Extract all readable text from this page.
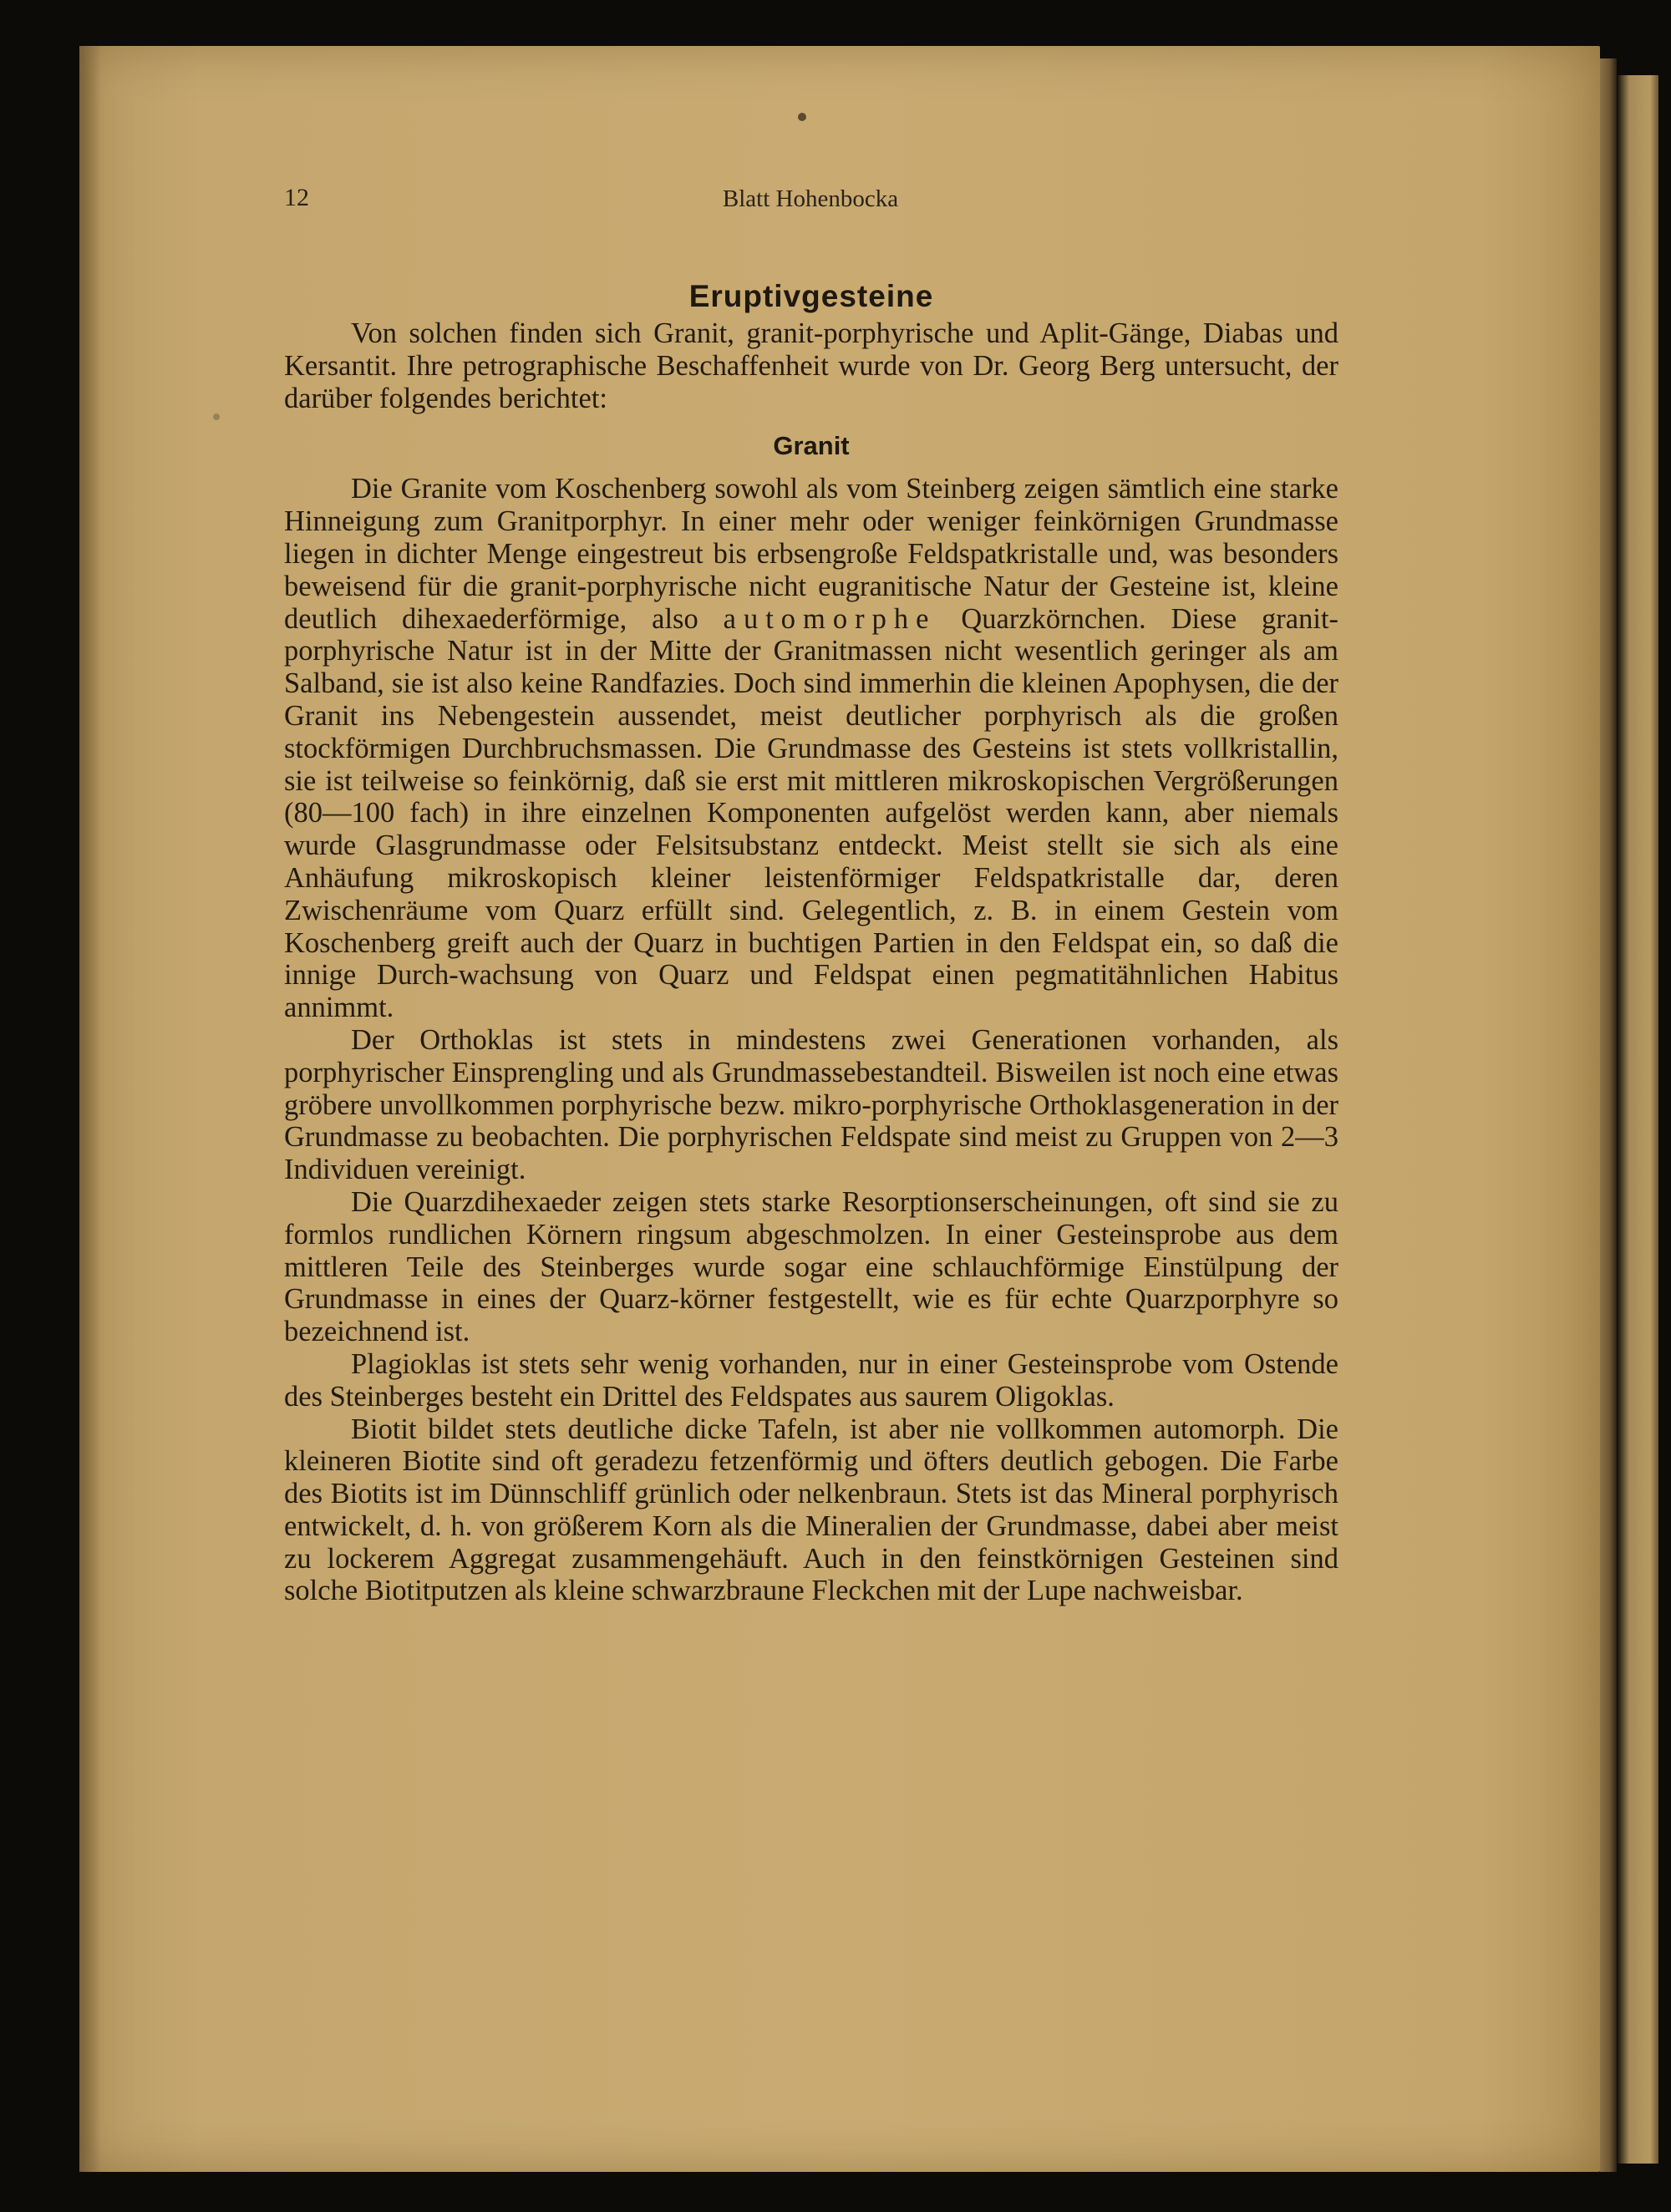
12	Blatt Hohenbocka
Eruptivgesteine

Von solchen finden sich Granit, granit-porphyrische und Aplit-Gänge, Diabas und Kersantit. Ihre petrographische Beschaffenheit wurde von Dr. Georg Berg untersucht, der darüber folgendes berichtet:

Granit

Die Granite vom Koschenberg sowohl als vom Steinberg zeigen sämtlich eine starke Hinneigung zum Granitporphyr. In einer mehr oder weniger feinkörnigen Grundmasse liegen in dichter Menge eingestreut bis erbsengroße Feldspatkristalle und, was besonders beweisend für die granit-porphyrische nicht eugranitische Natur der Gesteine ist, kleine deutlich dihexaederförmige, also automorphe Quarzkörnchen. Diese granit-porphyrische Natur ist in der Mitte der Granitmassen nicht wesentlich geringer als am Salband, sie ist also keine Randfazies. Doch sind immerhin die kleinen Apophysen, die der Granit ins Nebengestein aussendet, meist deutlicher porphyrisch als die großen stockförmigen Durchbruchsmassen. Die Grundmasse des Gesteins ist stets vollkristallin, sie ist teilweise so feinkörnig, daß sie erst mit mittleren mikroskopischen Vergrößerungen (80—100 fach) in ihre einzelnen Komponenten aufgelöst werden kann, aber niemals wurde Glasgrundmasse oder Felsitsubstanz entdeckt. Meist stellt sie sich als eine Anhäufung mikroskopisch kleiner leistenförmiger Feldspatkristalle dar, deren Zwischenräume vom Quarz erfüllt sind. Gelegentlich, z. B. in einem Gestein vom Koschenberg greift auch der Quarz in buchtigen Partien in den Feldspat ein, so daß die innige Durch-wachsung von Quarz und Feldspat einen pegmatitähnlichen Habitus annimmt.

Der Orthoklas ist stets in mindestens zwei Generationen vorhanden, als porphyrischer Einsprengling und als Grundmassebestandteil. Bisweilen ist noch eine etwas gröbere unvollkommen porphyrische bezw. mikro-porphyrische Orthoklasgeneration in der Grundmasse zu beobachten. Die porphyrischen Feldspate sind meist zu Gruppen von 2—3 Individuen vereinigt.

Die Quarzdihexaeder zeigen stets starke Resorptionserscheinungen, oft sind sie zu formlos rundlichen Körnern ringsum abgeschmolzen. In einer Gesteinsprobe aus dem mittleren Teile des Steinberges wurde sogar eine schlauchförmige Einstülpung der Grundmasse in eines der Quarz-körner festgestellt, wie es für echte Quarzporphyre so bezeichnend ist.

Plagioklas ist stets sehr wenig vorhanden, nur in einer Gesteinsprobe vom Ostende des Steinberges besteht ein Drittel des Feldspates aus saurem Oligoklas.

Biotit bildet stets deutliche dicke Tafeln, ist aber nie vollkommen automorph. Die kleineren Biotite sind oft geradezu fetzenförmig und öfters deutlich gebogen. Die Farbe des Biotits ist im Dünnschliff grünlich oder nelkenbraun. Stets ist das Mineral porphyrisch entwickelt, d. h. von größerem Korn als die Mineralien der Grundmasse, dabei aber meist zu lockerem Aggregat zusammengehäuft. Auch in den feinstkörnigen Gesteinen sind solche Biotitputzen als kleine schwarzbraune Fleckchen mit der Lupe nachweisbar.
